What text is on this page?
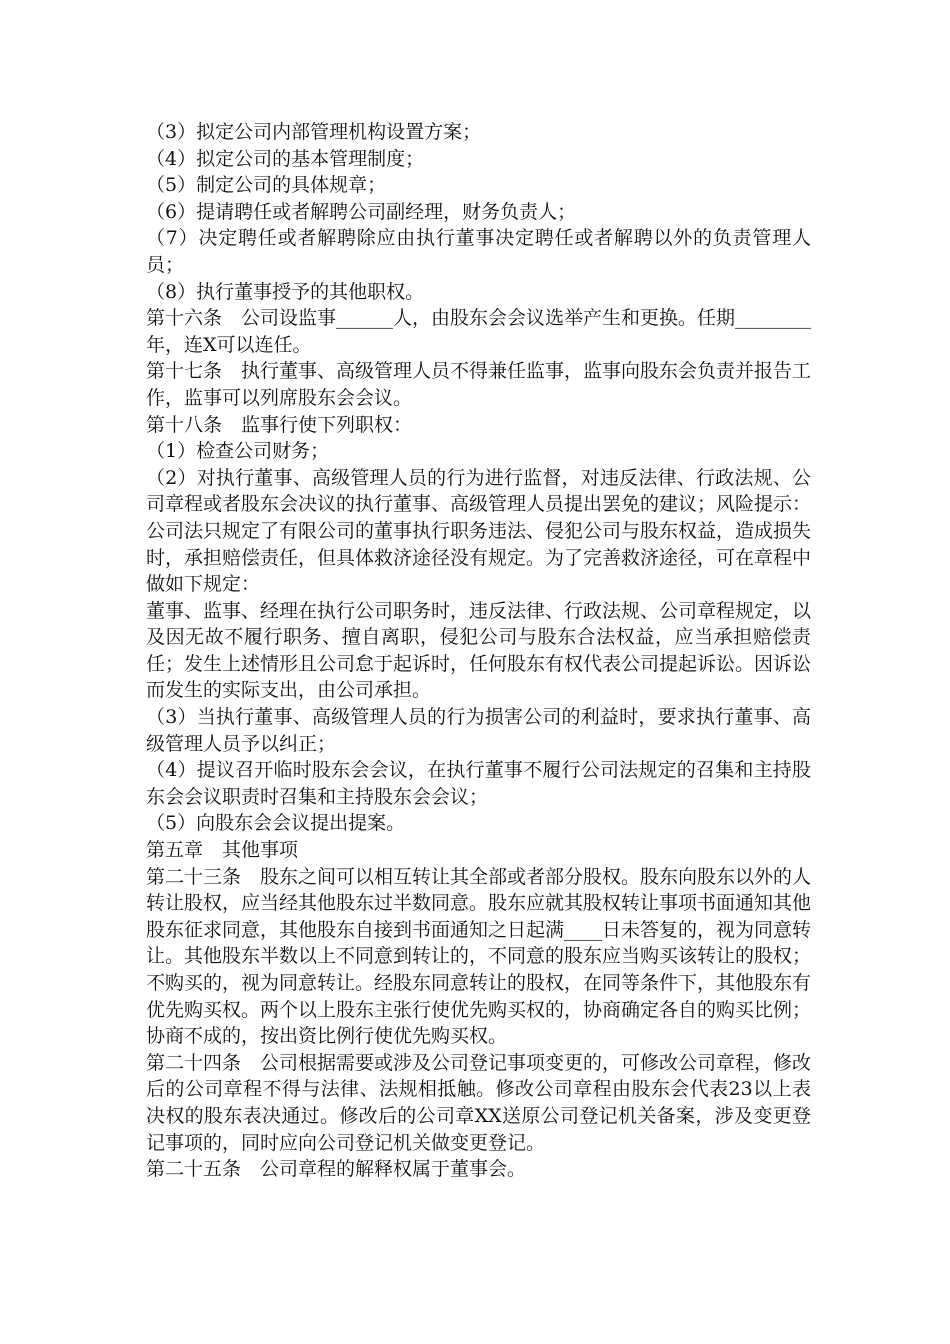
（3）拟定公司内部管理机构设置方案；

（4）拟定公司的基本管理制度；

（5）制定公司的具体规章；

（6）提请聘任或者解聘公司副经理，财务负责人；

（7）决定聘任或者解聘除应由执行董事决定聘任或者解聘以外的负责管理人员；

（8）执行董事授予的其他职权。

第十六条　公司设监事______人，由股东会会议选举产生和更换。任期________年，连X可以连任。

第十七条　执行董事、高级管理人员不得兼任监事，监事向股东会负责并报告工作，监事可以列席股东会会议。

第十八条　监事行使下列职权：

（1）检查公司财务；

（2）对执行董事、高级管理人员的行为进行监督，对违反法律、行政法规、公司章程或者股东会决议的执行董事、高级管理人员提出罢免的建议；风险提示：

公司法只规定了有限公司的董事执行职务违法、侵犯公司与股东权益，造成损失时，承担赔偿责任，但具体救济途径没有规定。为了完善救济途径，可在章程中做如下规定：

董事、监事、经理在执行公司职务时，违反法律、行政法规、公司章程规定，以及因无故不履行职务、擅自离职，侵犯公司与股东合法权益，应当承担赔偿责任；发生上述情形且公司怠于起诉时，任何股东有权代表公司提起诉讼。因诉讼而发生的实际支出，由公司承担。

（3）当执行董事、高级管理人员的行为损害公司的利益时，要求执行董事、高级管理人员予以纠正；

（4）提议召开临时股东会会议，在执行董事不履行公司法规定的召集和主持股东会会议职责时召集和主持股东会会议；

（5）向股东会会议提出提案。

第五章　其他事项

第二十三条　股东之间可以相互转让其全部或者部分股权。股东向股东以外的人转让股权，应当经其他股东过半数同意。股东应就其股权转让事项书面通知其他股东征求同意，其他股东自接到书面通知之日起满____日未答复的，视为同意转让。其他股东半数以上不同意到转让的，不同意的股东应当购买该转让的股权；不购买的，视为同意转让。经股东同意转让的股权，在同等条件下，其他股东有优先购买权。两个以上股东主张行使优先购买权的，协商确定各自的购买比例；协商不成的，按出资比例行使优先购买权。

第二十四条　公司根据需要或涉及公司登记事项变更的，可修改公司章程，修改后的公司章程不得与法律、法规相抵触。修改公司章程由股东会代表23以上表决权的股东表决通过。修改后的公司章XX送原公司登记机关备案，涉及变更登记事项的，同时应向公司登记机关做变更登记。

第二十五条　公司章程的解释权属于董事会。
